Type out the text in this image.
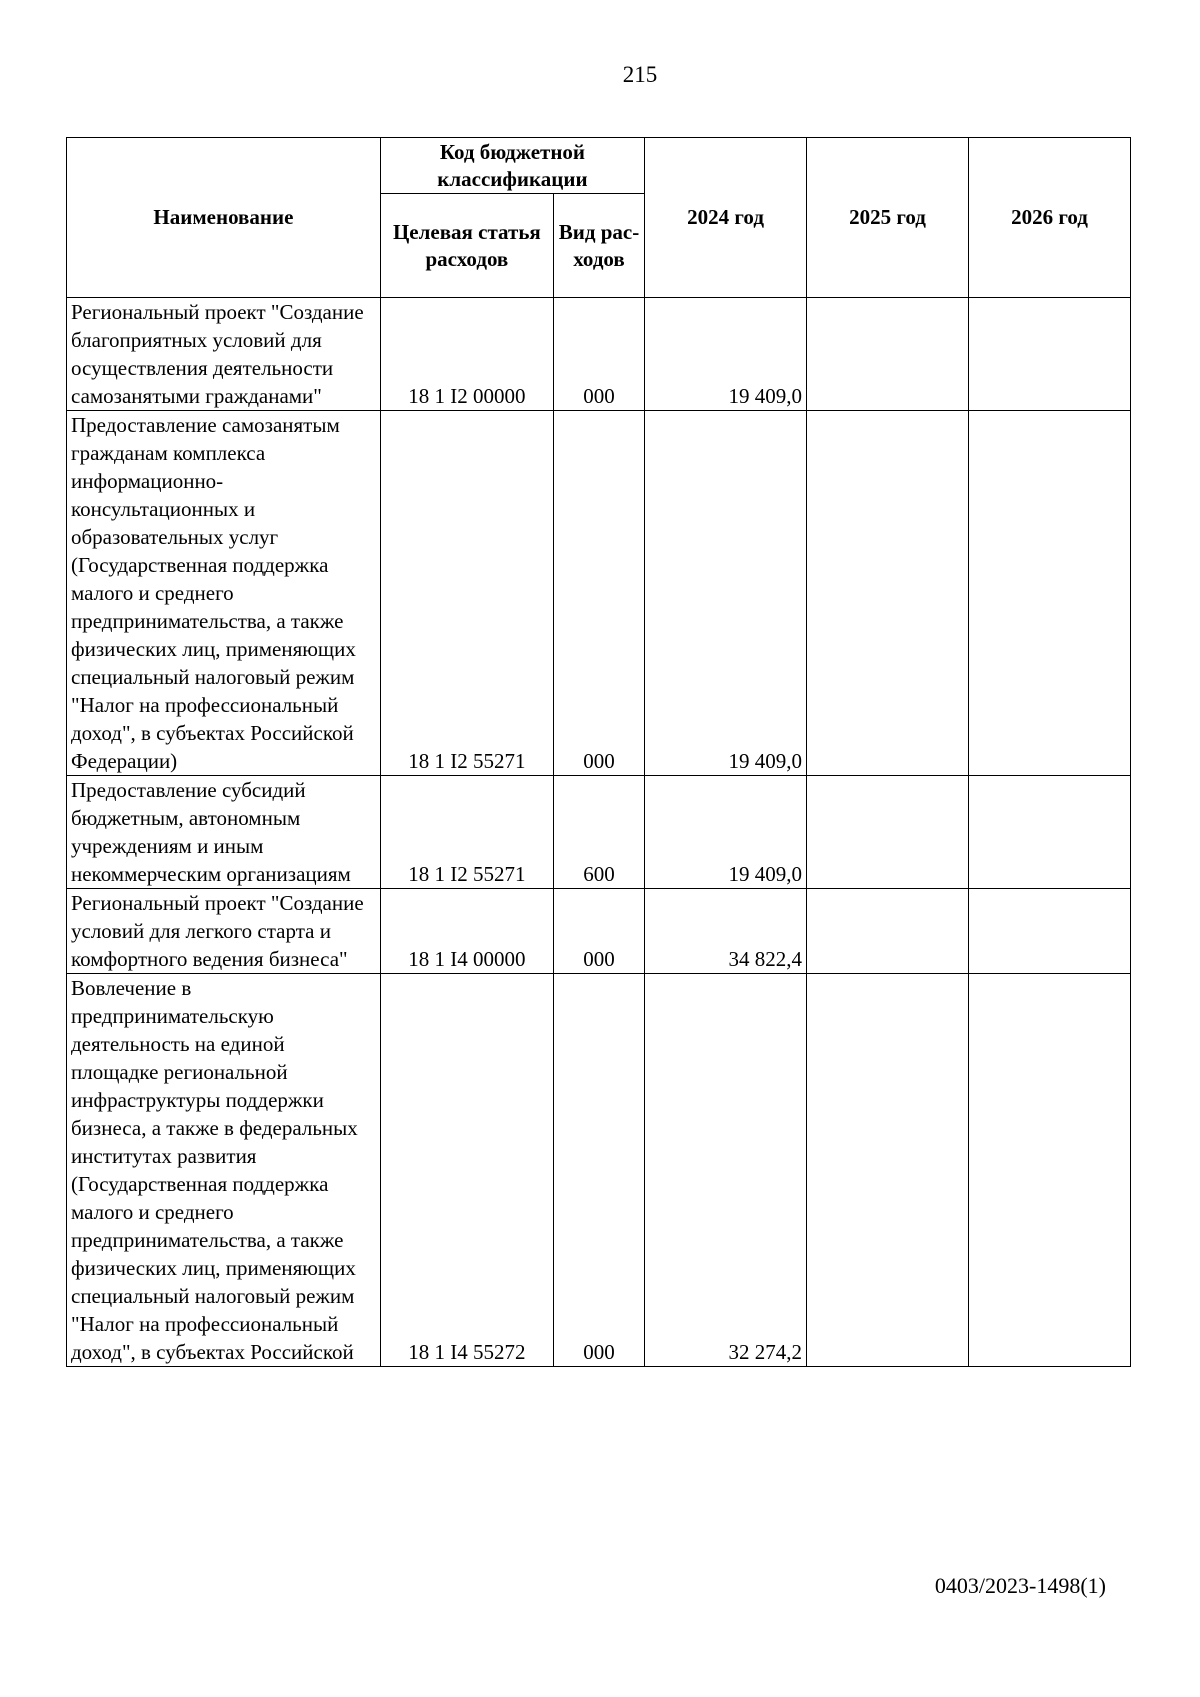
215
Наименование	Код бюджетной классификации		2024 год	2025 год	2026 год
	Целевая статья расходов	Вид рас-ходов			
Региональный проект "Создание благоприятных условий для осуществления деятельности самозанятыми гражданами"	18 1 I2 00000	000	19 409,0		
Предоставление самозанятым гражданам комплекса информационно-консультационных и образовательных услуг (Государственная поддержка малого и среднего предпринимательства, а также физических лиц, применяющих специальный налоговый режим "Налог на профессиональный доход", в субъектах Российской Федерации)	18 1 I2 55271	000	19 409,0		
Предоставление субсидий бюджетным, автономным учреждениям и иным некоммерческим организациям	18 1 I2 55271	600	19 409,0		
Региональный проект "Создание условий для легкого старта и комфортного ведения бизнеса"	18 1 I4 00000	000	34 822,4		
Вовлечение в предпринимательскую деятельность на единой площадке региональной инфраструктуры поддержки бизнеса, а также в федеральных институтах развития (Государственная поддержка малого и среднего предпринимательства, а также физических лиц, применяющих специальный налоговый режим "Налог на профессиональный доход", в субъектах Российской	18 1 I4 55272	000	32 274,2		
0403/2023-1498(1)
